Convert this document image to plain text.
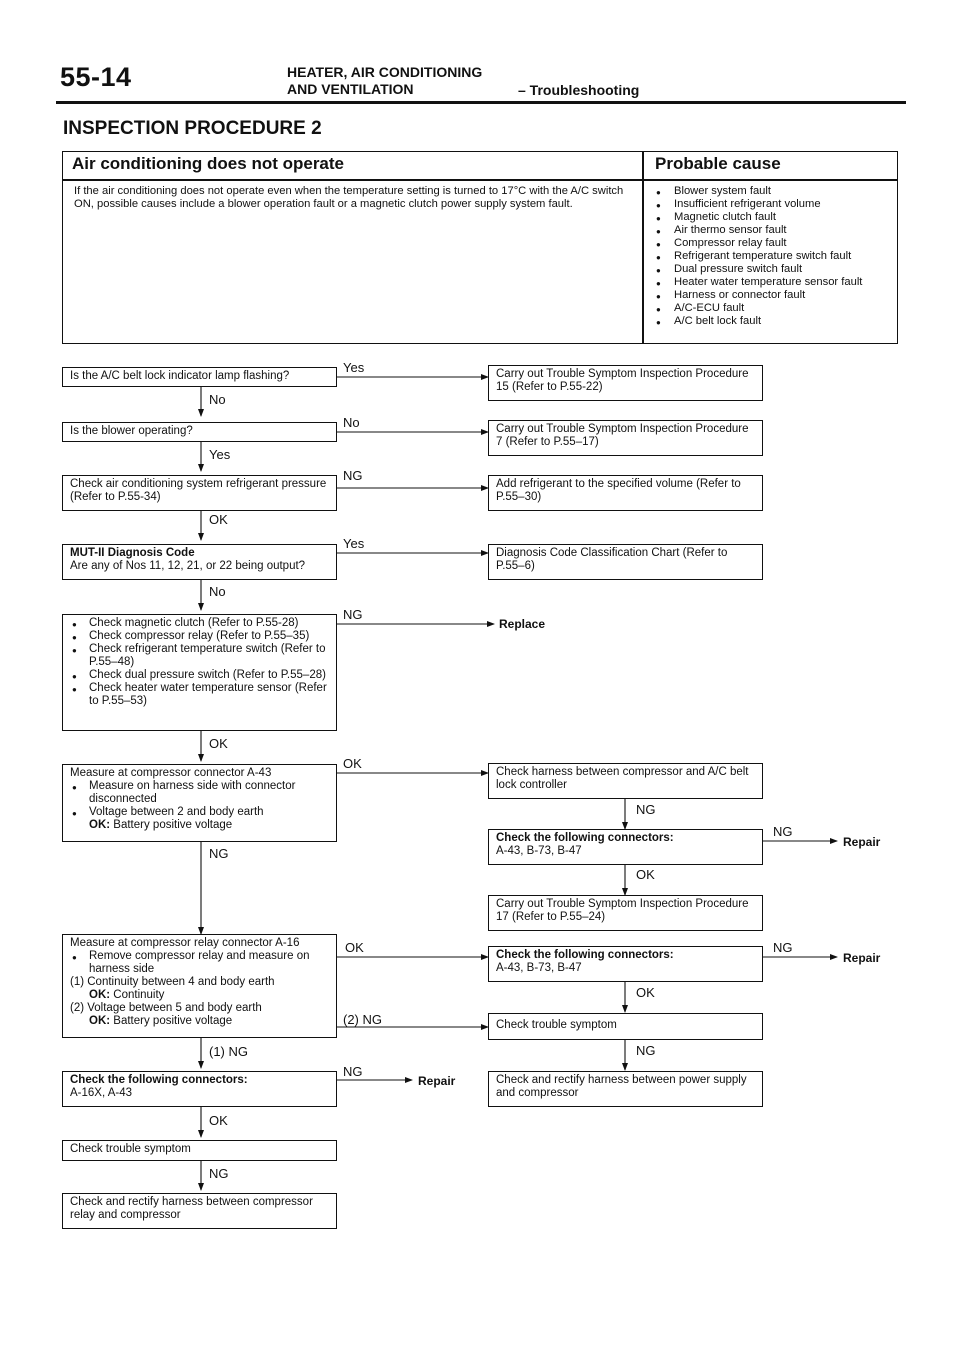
55-14	HEATER, AIR CONDITIONING
AND VENTILATION	– Troubleshooting
INSPECTION PROCEDURE 2
Air conditioning does not operate	Probable cause
If the air conditioning does not operate even when the temperature setting is turned to 17°C with the A/C switch ON, possible causes include a blower operation fault or a magnetic clutch power supply system fault.
● Blower system fault
● Insufficient refrigerant volume
● Magnetic clutch fault
● Air thermo sensor fault
● Compressor relay fault
● Refrigerant temperature switch fault
● Dual pressure switch fault
● Heater water temperature sensor fault
● Harness or connector fault
● A/C-ECU fault
● A/C belt lock fault
Is the A/C belt lock indicator lamp flashing?
Yes	Carry out Trouble Symptom Inspection Procedure 15 (Refer to P.55-22)
No
Is the blower operating?
No	Carry out Trouble Symptom Inspection Procedure 7 (Refer to P.55–17)
Yes
Check air conditioning system refrigerant pressure (Refer to P.55-34)
NG
Add refrigerant to the specified volume (Refer to P.55–30)
OK
MUT-II Diagnosis Code
Are any of Nos 11, 12, 21, or 22 being output?
Yes
Diagnosis Code Classification Chart (Refer to P.55–6)
No
● Check magnetic clutch (Refer to P.55-28)
● Check compressor relay (Refer to P.55–35)
● Check refrigerant temperature switch (Refer to P.55–48)
● Check dual pressure switch (Refer to P.55–28)
● Check heater water temperature sensor (Refer to P.55–53)
NG
Replace
OK
Measure at compressor connector A-43
● Measure on harness side with connector disconnected
● Voltage between 2 and body earth
OK: Battery positive voltage
OK
NG
Check harness between compressor and A/C belt lock controller
NG
Check the following connectors:
A-43, B-73, B-47
NG
Repair
OK
Carry out Trouble Symptom Inspection Procedure 17 (Refer to P.55–24)
Measure at compressor relay connector A-16
● Remove compressor relay and measure on harness side
(1) Continuity between 4 and body earth
OK: Continuity
(2) Voltage between 5 and body earth
OK: Battery positive voltage
OK
(2) NG
(1) NG
Check the following connectors:
A-43, B-73, B-47
NG
Repair
OK
Check trouble symptom
NG
Check and rectify harness between power supply and compressor
Check the following connectors:
A-16X, A-43
NG
Repair
OK
Check trouble symptom
NG
Check and rectify harness between compressor relay and compressor
